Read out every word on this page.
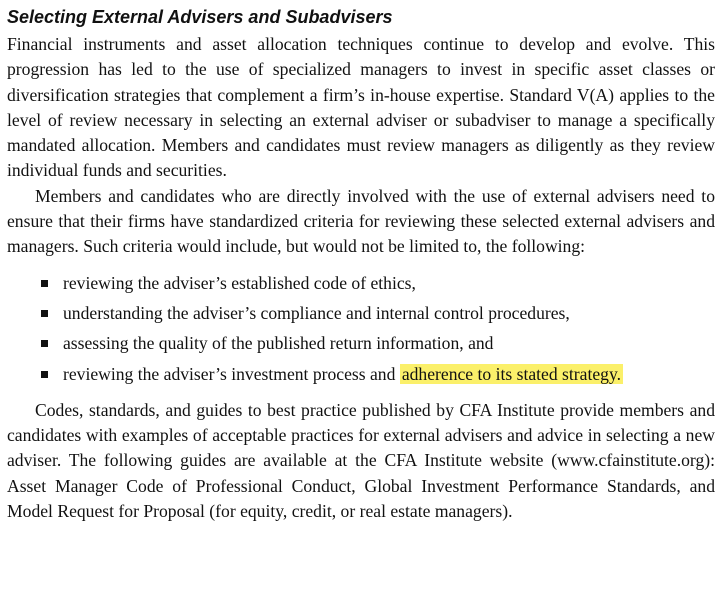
Selecting External Advisers and Subadvisers

Financial instruments and asset allocation techniques continue to develop and evolve. This progression has led to the use of specialized managers to invest in specific asset classes or diversification strategies that complement a firm’s in-house expertise. Standard V(A) applies to the level of review necessary in selecting an external adviser or subadviser to manage a specifically mandated allocation. Members and candidates must review managers as diligently as they review individual funds and securities.

Members and candidates who are directly involved with the use of external advisers need to ensure that their firms have standardized criteria for reviewing these selected external advisers and managers. Such criteria would include, but would not be limited to, the following:

reviewing the adviser’s established code of ethics,
understanding the adviser’s compliance and internal control procedures,
assessing the quality of the published return information, and
reviewing the adviser’s investment process and adherence to its stated strategy.

Codes, standards, and guides to best practice published by CFA Institute provide members and candidates with examples of acceptable practices for external advisers and advice in selecting a new adviser. The following guides are available at the CFA Institute website (www.cfainstitute.org): Asset Manager Code of Professional Conduct, Global Investment Performance Standards, and Model Request for Proposal (for equity, credit, or real estate managers).
